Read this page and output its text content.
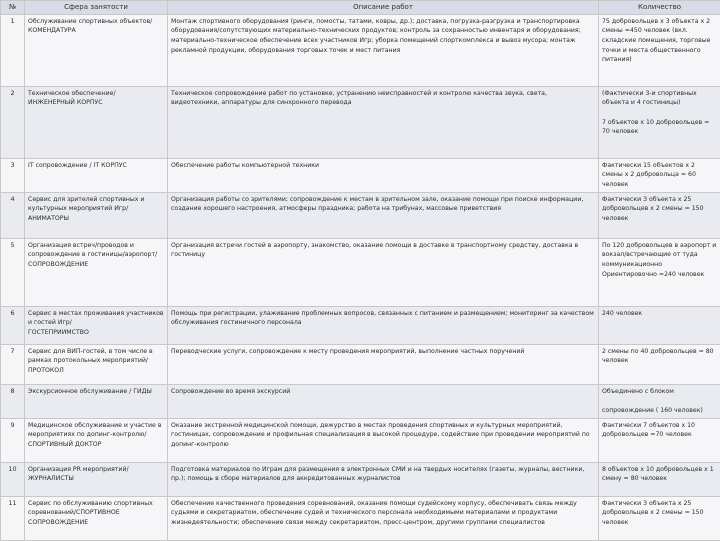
№	Сфера занятости	Описание работ	Количество
1	Обслуживание спортивных объектов/
КОМЕНДАТУРА	Монтаж спортивного оборудования (ринги, помосты, татами, ковры, др.); доставка, погрузка-разгрузка и транспортировка оборудования/сопутствующих материально-технических продуктов; контроль за сохранностью инвентаря и оборудования; материально-техническое обеспечение всех участников Игр; уборка помещений спорткомплекса и вывоз мусора; монтаж рекламной продукции, оборудования торговых точек и мест питания	75 добровольцев х 3 объекта х 2 смены =450 человек (вкл. складские помещения, торговые точки и места общественного питания)
2	Техническое обеспечение/
ИНЖЕНЕРНЫЙ КОРПУС	Техническое сопровождение работ по установке, устранению неисправностей и контролю качества звука, света, видеотехники, аппаратуры для синхронного перевода	(Фактически 3-и спортивных объекта и 4 гостиницы)

7 объектов х 10 добровольцев = 70 человек
3	IT сопровождение / IT КОРПУС	Обеспечение работы компьютерной техники	Фактически 15 объектов х 2 смены х 2 добровольца = 60 человек
4	Сервис для зрителей спортивных и культурных мероприятий Игр/
АНИМАТОРЫ	Организация работы со зрителями; сопровождение к местам в зрительном зале, оказание помощи при поиске информации, создание хорошего настроения, атмосферы праздника; работа на трибунах, массовые приветствия	Фактически 3 объекта х 25 добровольцев х 2 смены = 150 человек
5	Организация встреч/проводов и сопровождение в гостиницы/аэропорт/
СОПРОВОЖДЕНИЕ	Организация встречи гостей в аэропорту, знакомство, оказание помощи в доставке в транспортному средству, доставка в гостиницу	По 120 добровольцев в аэропорт и вокзал/встречающие от туда коммуникационно Ориентировочно =240 человек
6	Сервис в местах проживания участников и гостей Игр/
ГОСТЕПРИИМСТВО	Помощь при регистрации, улаживание проблемных вопросов, связанных с питанием и размещением; мониторинг за качеством обслуживания гостиничного персонала	240 человек
7	Сервис для ВИП-гостей, в том числе в рамках протокольных мероприятий/ПРОТОКОЛ	Переводческие услуги, сопровождение к месту проведения мероприятий, выполнение частных поручений	2 смены по 40 добровольцев = 80 человек
8	Экскурсионное обслуживание / ГИДЫ	Сопровождение во время экскурсий	Объединено с блоком

сопровождение ( 160 человек)
9	Медицинское обслуживание и участие в мероприятиях по допинг-контролю/СПОРТИВНЫЙ ДОКТОР	Оказание экстренной медицинской помощи, дежурство в местах проведения спортивных и культурных мероприятий, гостиницах, сопровождение и профильная специализация в высокой процедуре, содействие при проведении мероприятий по допинг-контролю	Фактически 7 объектов х 10 добровольцев =70 человек
10	Организация PR мероприятий/
ЖУРНАЛИСТЫ	Подготовка материалов по Играм для размещения в электронных СМИ и на твердых носителях (газеты, журналы, вестники, пр.); помощь в сборе материалов для аккредитованных журналистов	8 объектов х 10 добровольцев х 1 смену = 80 человек
11	Сервис по обслуживанию спортивных соревнований/СПОРТИВНОЕ СОПРОВОЖДЕНИЕ	Обеспечение качественного проведения соревнований, оказание помощи судейскому корпусу, обеспечивать связь между судьями и секретариатом, обеспечение судей и технического персонала необходимыми материалами и продуктами жизнедеятельности; обеспечение связи между секретариатом, пресс-центром, другими группами специалистов	Фактически 3 объекта х 25 добровольцев х 2 смены = 150 человек
